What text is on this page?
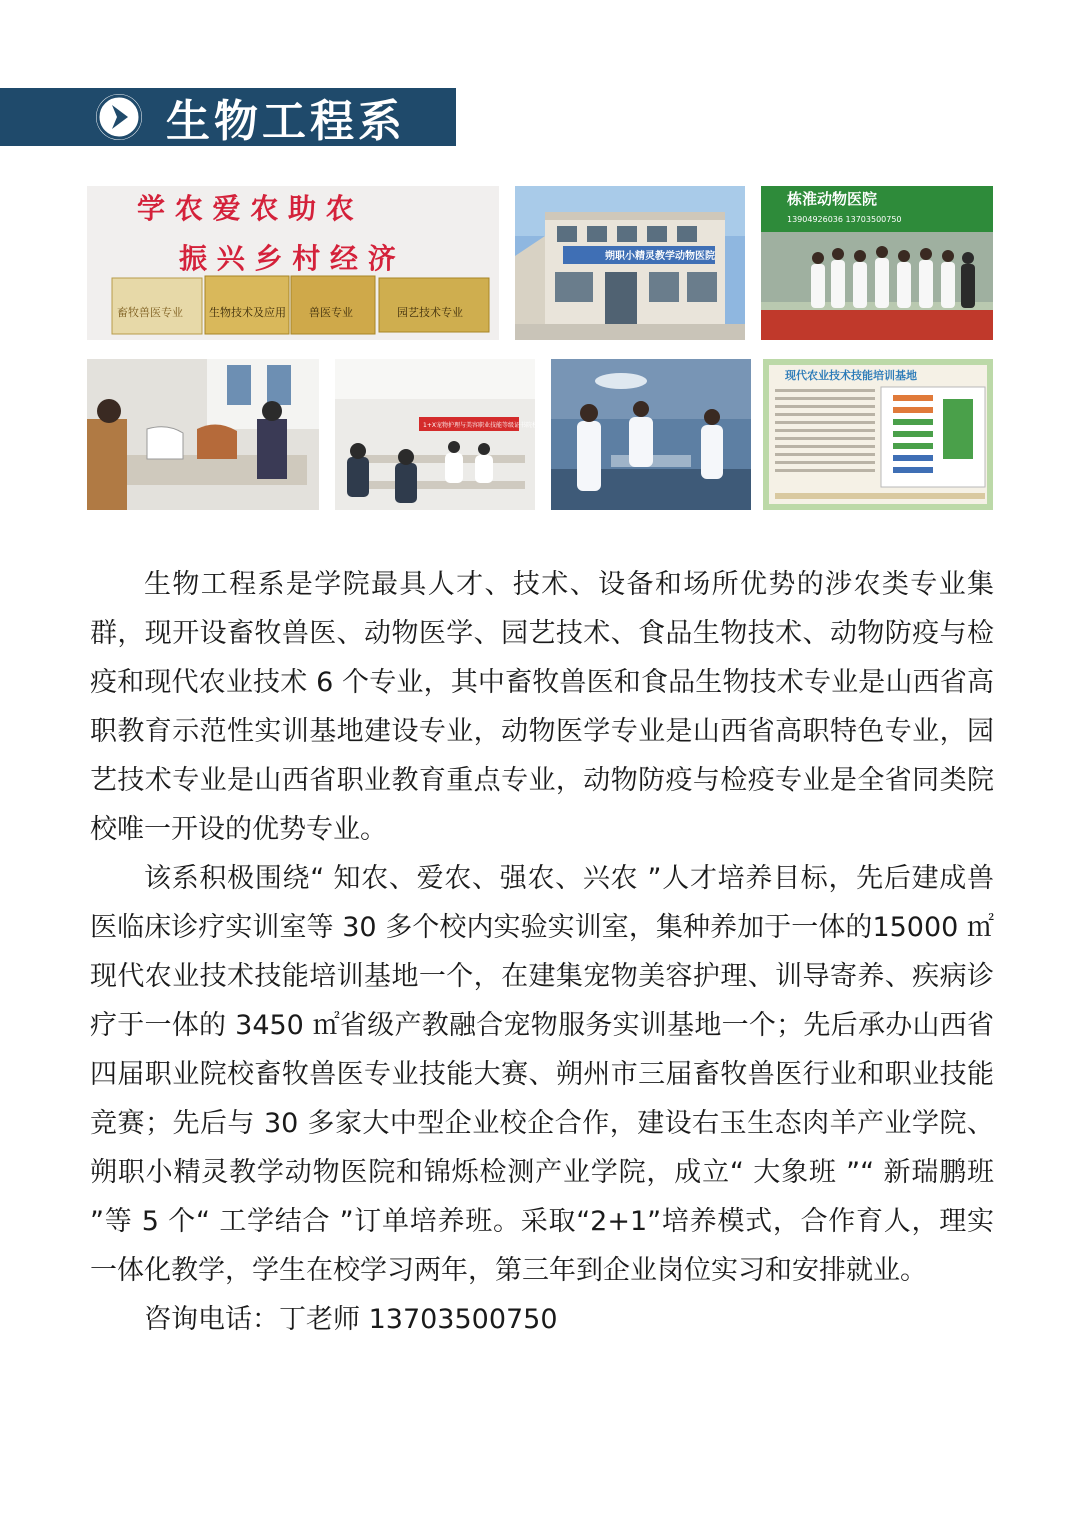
生物工程系
学 农 爱 农 助 农
振 兴 乡 村 经 济
畜牧兽医专业 生物技术及应用 兽医专业	园艺技术专业
朔职小精灵教学动物医院
栋淮动物医院
13904926036 13703500750
1+X宠物护理与美容职业技能等级证书院校考核
现代农业技术技能培训基地

生物工程系是学院最具人才、技术、设备和场所优势的涉农类专业集群，现开设畜牧兽医、动物医学、园艺技术、食品生物技术、动物防疫与检疫和现代农业技术 6 个专业，其中畜牧兽医和食品生物技术专业是山西省高职教育示范性实训基地建设专业，动物医学专业是山西省高职特色专业，园艺技术专业是山西省职业教育重点专业，动物防疫与检疫专业是全省同类院校唯一开设的优势专业。

该系积极围绕“ 知农、爱农、强农、兴农 ”人才培养目标，先后建成兽医临床诊疗实训室等 30 多个校内实验实训室，集种养加于一体的15000 ㎡现代农业技术技能培训基地一个，在建集宠物美容护理、训导寄养、疾病诊疗于一体的 3450 ㎡省级产教融合宠物服务实训基地一个；先后承办山西省四届职业院校畜牧兽医专业技能大赛、朔州市三届畜牧兽医行业和职业技能竞赛；先后与 30 多家大中型企业校企合作，建设右玉生态肉羊产业学院、朔职小精灵教学动物医院和锦烁检测产业学院，成立“ 大象班 ”“ 新瑞鹏班 ”等 5 个“ 工学结合 ”订单培养班。采取“2+1”培养模式，合作育人，理实一体化教学，学生在校学习两年，第三年到企业岗位实习和安排就业。

咨询电话：丁老师 13703500750
